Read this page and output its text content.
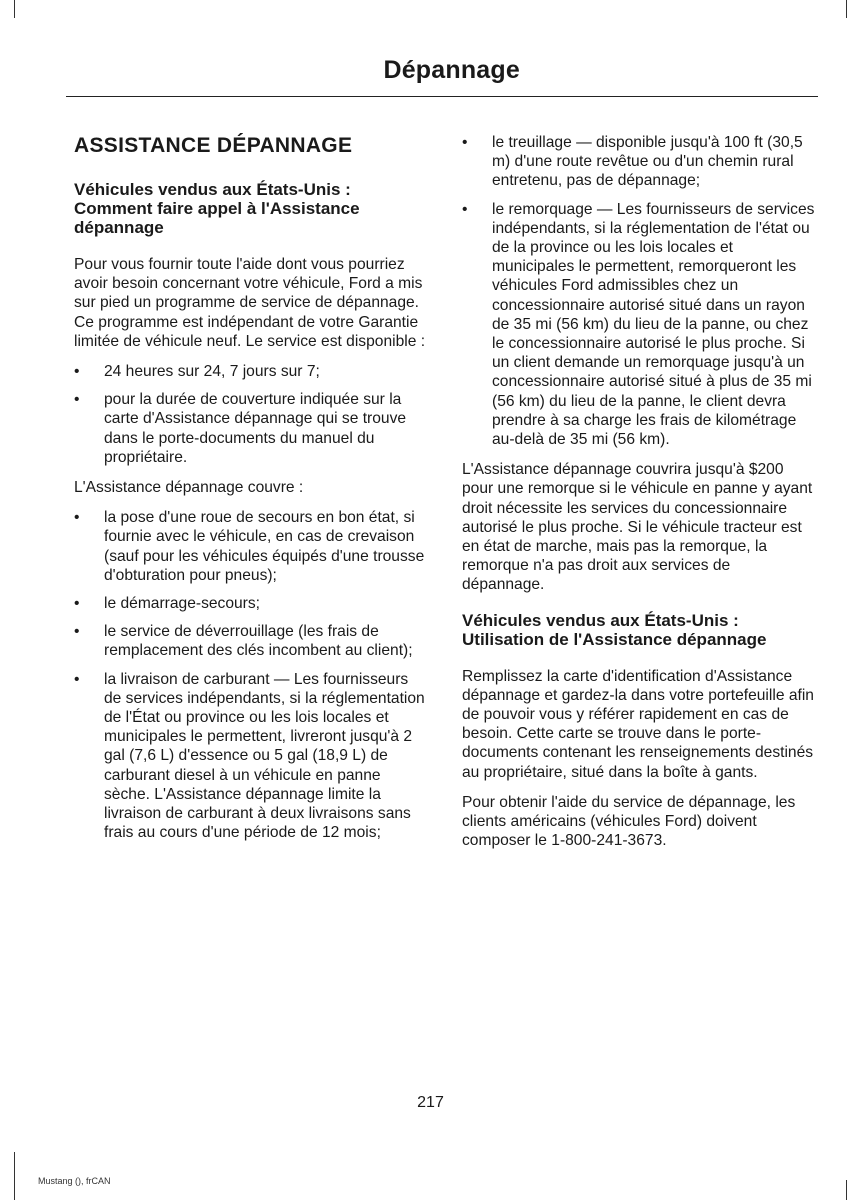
Dépannage
ASSISTANCE DÉPANNAGE
Véhicules vendus aux États-Unis : Comment faire appel à l'Assistance dépannage

Pour vous fournir toute l'aide dont vous pourriez avoir besoin concernant votre véhicule, Ford a mis sur pied un programme de service de dépannage. Ce programme est indépendant de votre Garantie limitée de véhicule neuf. Le service est disponible :

•	24 heures sur 24, 7 jours sur 7;
•	pour la durée de couverture indiquée sur la carte d'Assistance dépannage qui se trouve dans le porte-documents du manuel du propriétaire.

L'Assistance dépannage couvre :

•	la pose d'une roue de secours en bon état, si fournie avec le véhicule, en cas de crevaison (sauf pour les véhicules équipés d'une trousse d'obturation pour pneus);
•	le démarrage-secours;
•	le service de déverrouillage (les frais de remplacement des clés incombent au client);
•	la livraison de carburant — Les fournisseurs de services indépendants, si la réglementation de l'État ou province ou les lois locales et municipales le permettent, livreront jusqu'à 2 gal (7,6 L) d'essence ou 5 gal (18,9 L) de carburant diesel à un véhicule en panne sèche. L'Assistance dépannage limite la livraison de carburant à deux livraisons sans frais au cours d'une période de 12 mois;
•	le treuillage — disponible jusqu'à 100 ft (30,5 m) d'une route revêtue ou d'un chemin rural entretenu, pas de dépannage;
•	le remorquage — Les fournisseurs de services indépendants, si la réglementation de l'état ou de la province ou les lois locales et municipales le permettent, remorqueront les véhicules Ford admissibles chez un concessionnaire autorisé situé dans un rayon de 35 mi (56 km) du lieu de la panne, ou chez le concessionnaire autorisé le plus proche. Si un client demande un remorquage jusqu'à un concessionnaire autorisé situé à plus de 35 mi (56 km) du lieu de la panne, le client devra prendre à sa charge les frais de kilométrage au-delà de 35 mi (56 km).

L'Assistance dépannage couvrira jusqu'à $200 pour une remorque si le véhicule en panne y ayant droit nécessite les services du concessionnaire autorisé le plus proche. Si le véhicule tracteur est en état de marche, mais pas la remorque, la remorque n'a pas droit aux services de dépannage.

Véhicules vendus aux États-Unis : Utilisation de l'Assistance dépannage

Remplissez la carte d'identification d'Assistance dépannage et gardez-la dans votre portefeuille afin de pouvoir vous y référer rapidement en cas de besoin. Cette carte se trouve dans le porte-documents contenant les renseignements destinés au propriétaire, situé dans la boîte à gants.

Pour obtenir l'aide du service de dépannage, les clients américains (véhicules Ford) doivent composer le 1-800-241-3673.

217
Mustang (), frCAN
